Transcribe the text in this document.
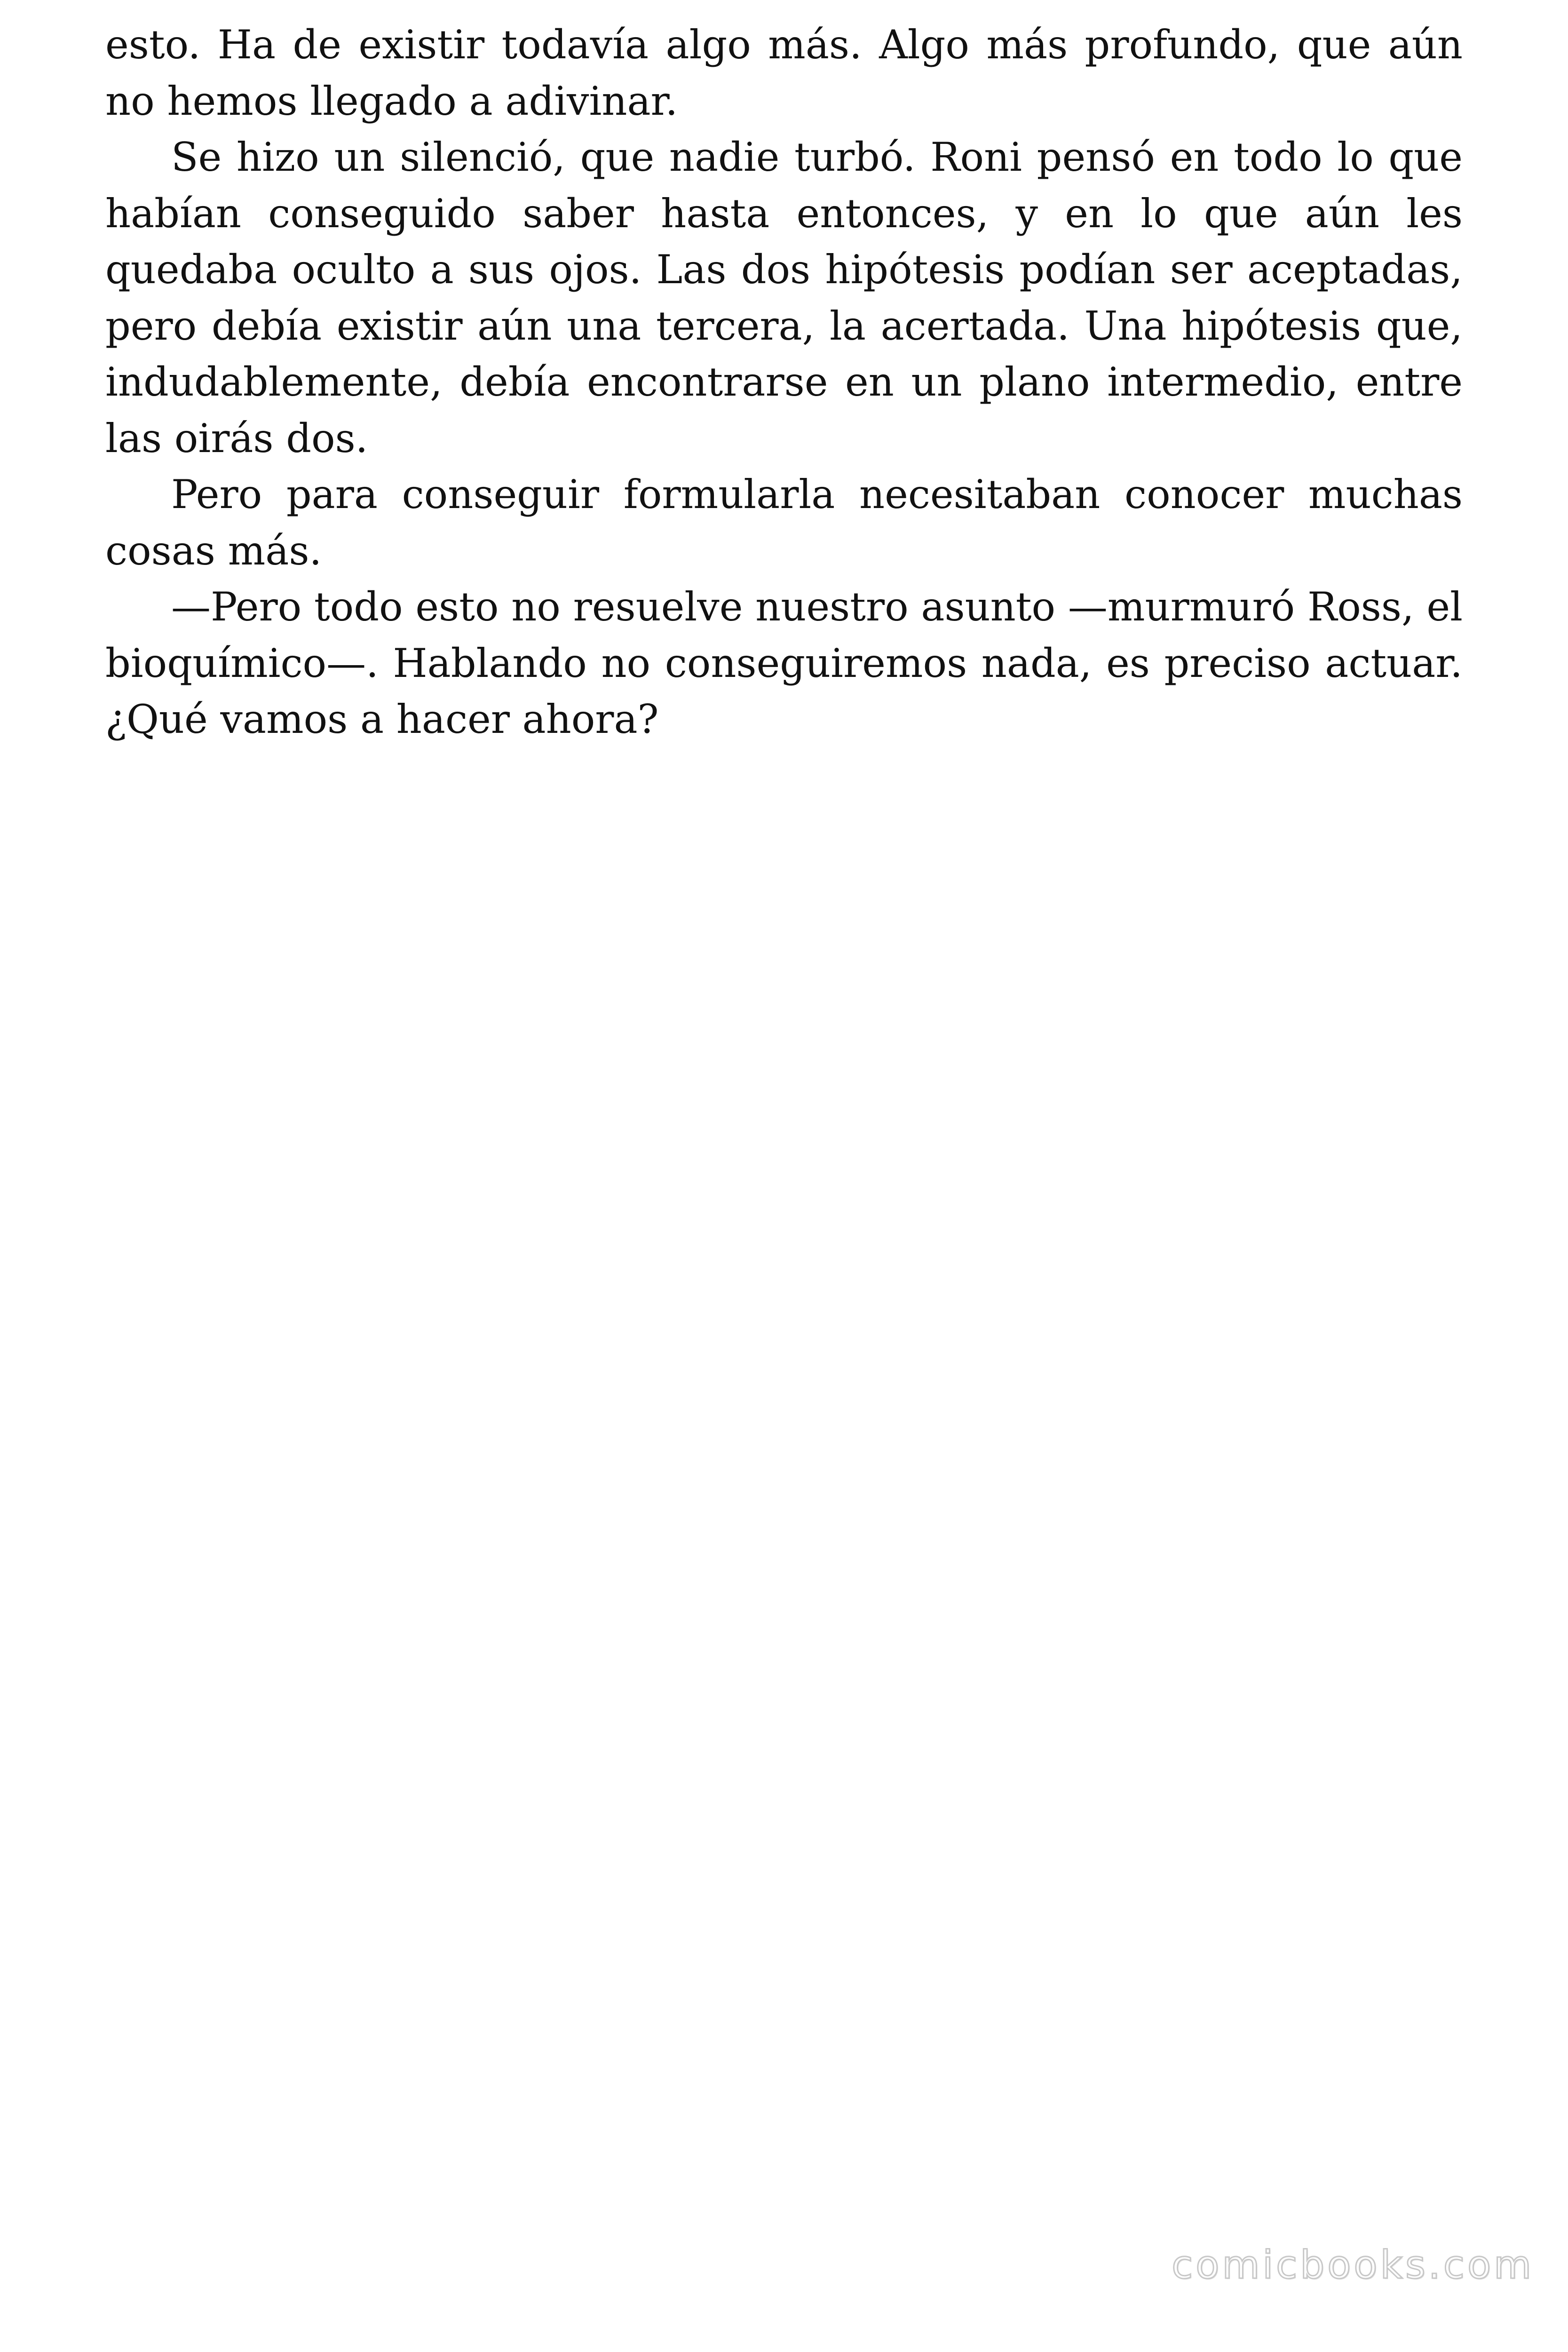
esto. Ha de existir todavía algo más. Algo más profundo, que aún no hemos llegado a adivinar.

Se hizo un silenció, que nadie turbó. Roni pensó en todo lo que habían conseguido saber hasta entonces, y en lo que aún les quedaba oculto a sus ojos. Las dos hipótesis podían ser aceptadas, pero debía existir aún una tercera, la acertada. Una hipótesis que, indudablemente, debía encontrarse en un plano intermedio, entre las oirás dos.

Pero para conseguir formularla necesitaban conocer muchas cosas más.

—Pero todo esto no resuelve nuestro asunto —murmuró Ross, el bioquímico—. Hablando no conseguiremos nada, es preciso actuar. ¿Qué vamos a hacer ahora?

comicbooks.com
